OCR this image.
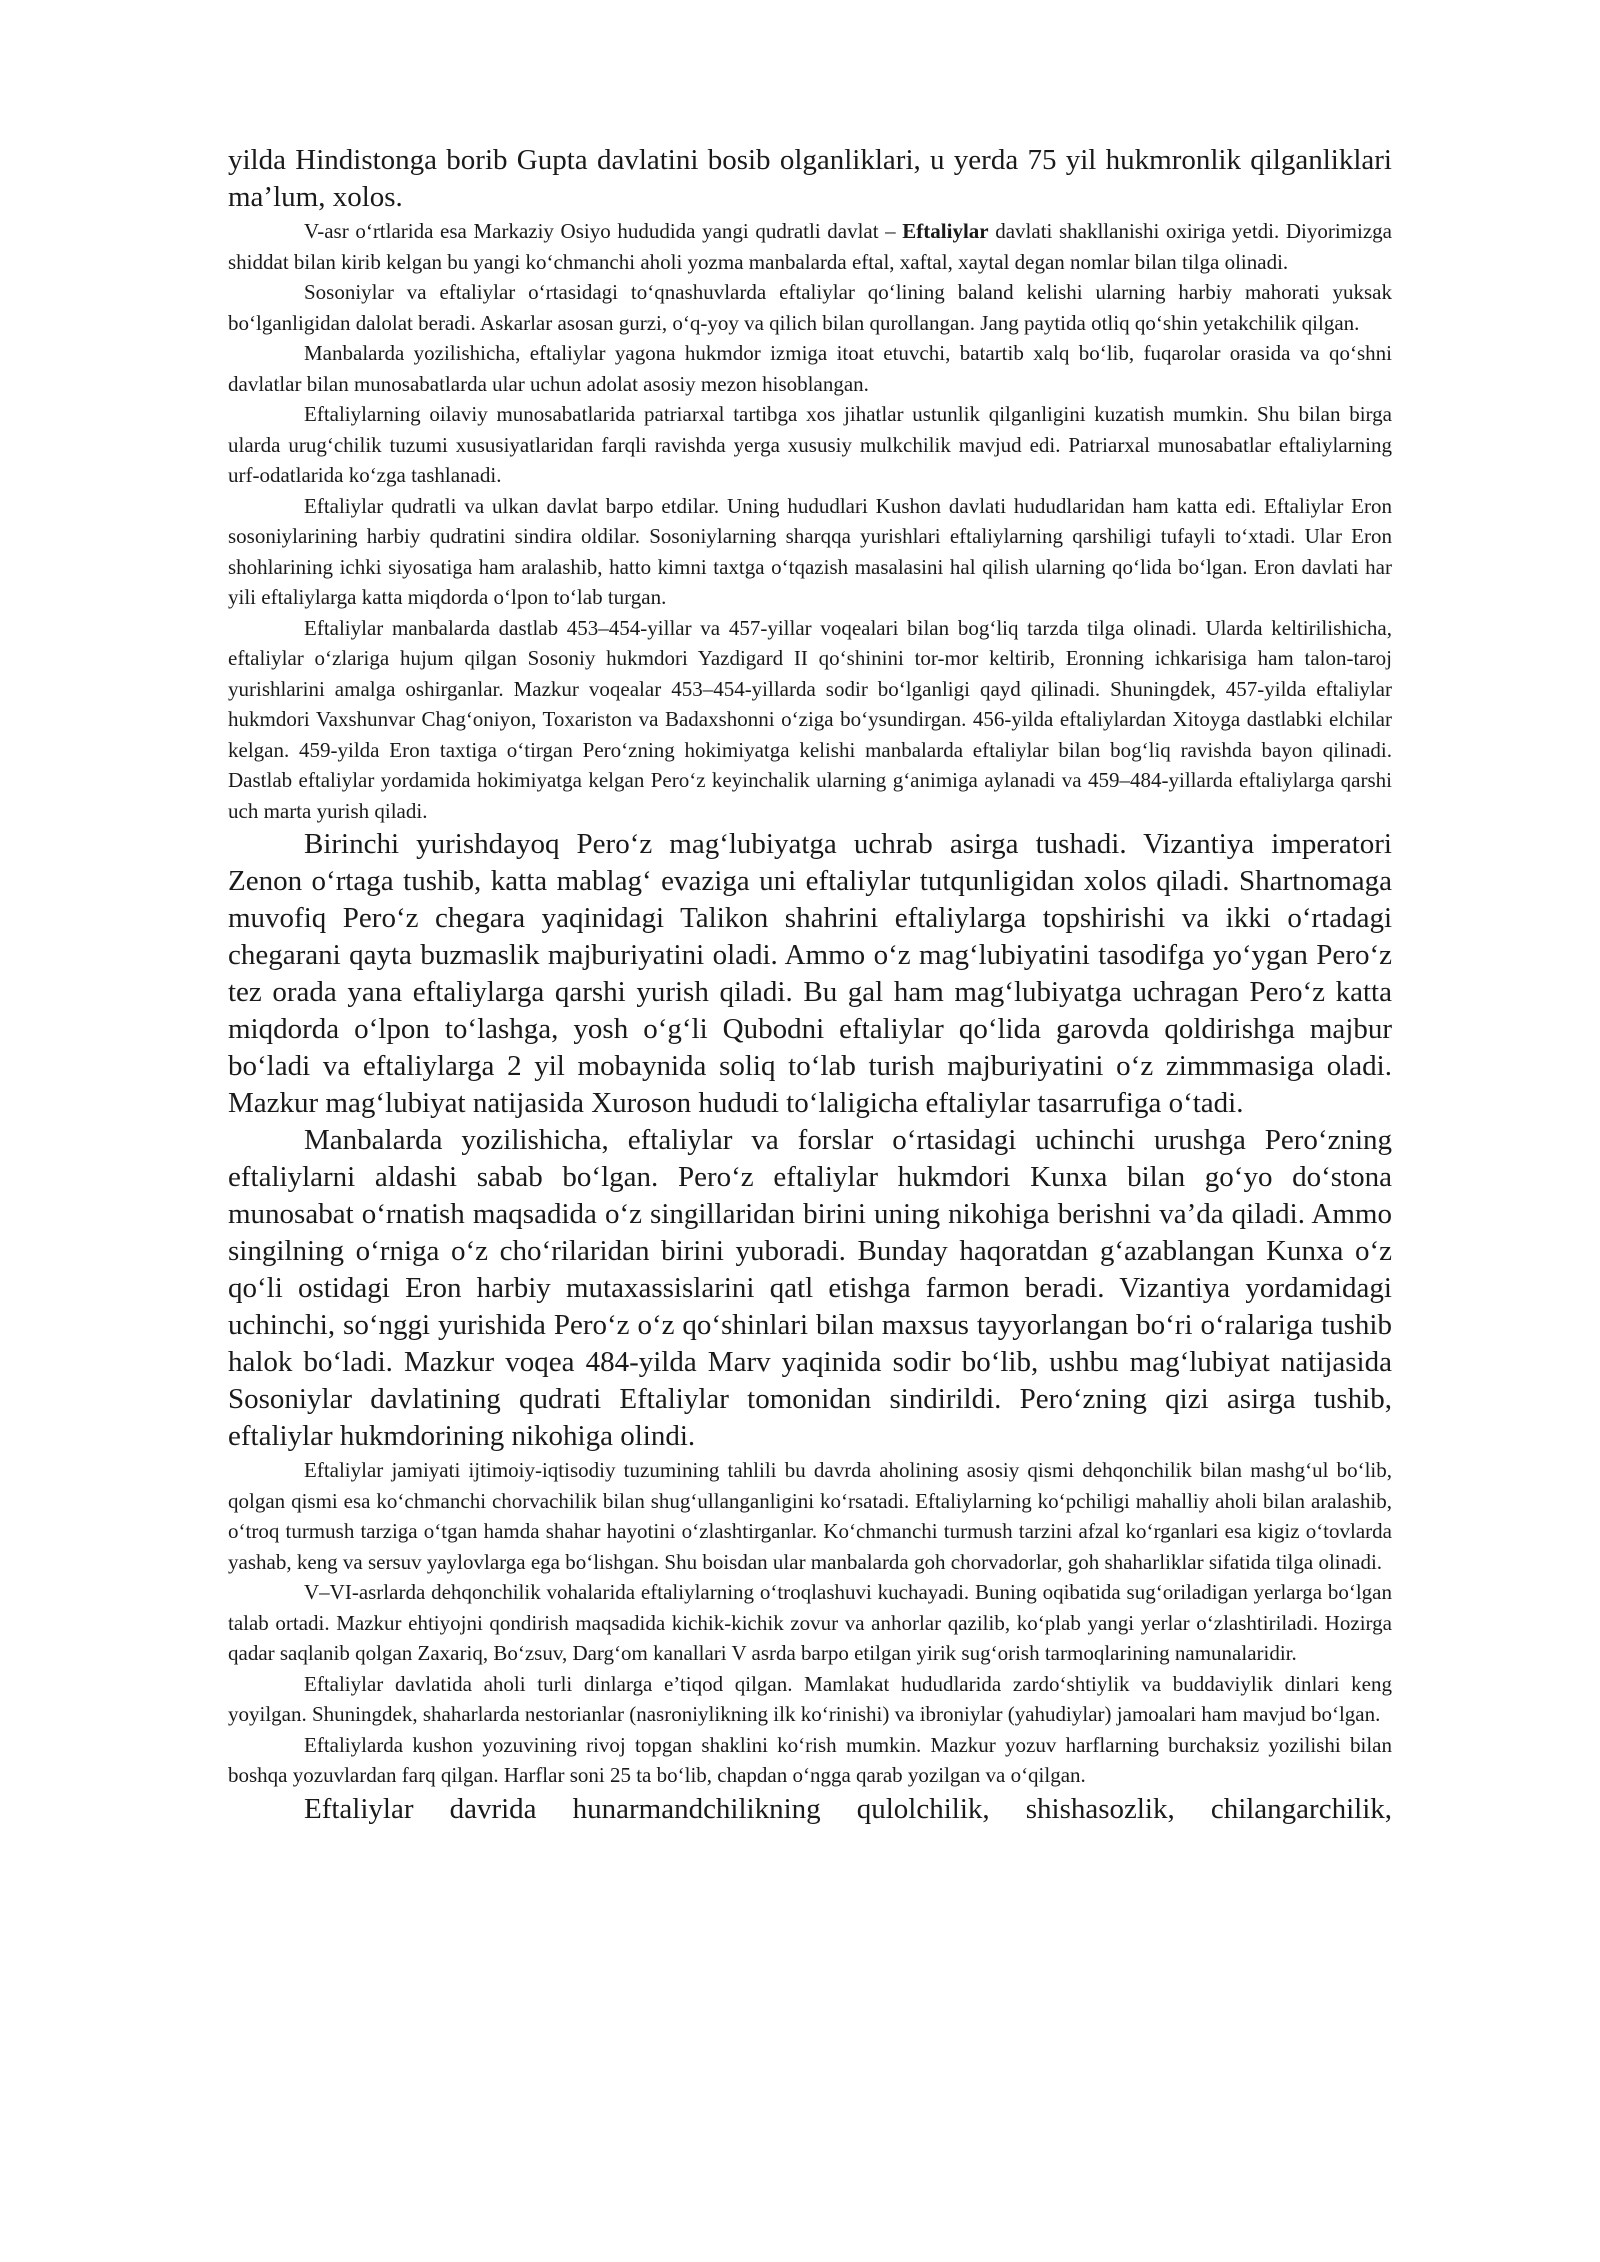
yilda Hindistonga borib Gupta davlatini bosib olganliklari, u yerda 75 yil hukmronlik qilganliklari ma’lum, xolos.

V-asr oʻrtlarida esa Markaziy Osiyo hududida yangi qudratli davlat – Eftaliylar davlati shakllanishi oxiriga yetdi. Diyorimizga shiddat bilan kirib kelgan bu yangi koʻchmanchi aholi yozma manbalarda eftal, xaftal, xaytal degan nomlar bilan tilga olinadi.

Sosoniylar va eftaliylar oʻrtasidagi toʻqnashuvlarda eftaliylar qoʻlining baland kelishi ularning harbiy mahorati yuksak boʻlganligidan dalolat beradi. Askarlar asosan gurzi, oʻq-yoy va qilich bilan qurollangan. Jang paytida otliq qoʻshin yetakchilik qilgan.

Manbalarda yozilishicha, eftaliylar yagona hukmdor izmiga itoat etuvchi, batartib xalq boʻlib, fuqarolar orasida va qoʻshni davlatlar bilan munosabatlarda ular uchun adolat asosiy mezon hisoblangan.

Eftaliylarning oilaviy munosabatlarida patriarxal tartibga xos jihatlar ustunlik qilganligini kuzatish mumkin. Shu bilan birga ularda urugʻchilik tuzumi xususiyatlaridan farqli ravishda yerga xususiy mulkchilik mavjud edi. Patriarxal munosabatlar eftaliylarning urf-odatlarida koʻzga tashlanadi.

Eftaliylar qudratli va ulkan davlat barpo etdilar. Uning hududlari Kushon davlati hududlaridan ham katta edi. Eftaliylar Eron sosoniylarining harbiy qudratini sindira oldilar. Sosoniylarning sharqqa yurishlari eftaliylarning qarshiligi tufayli toʻxtadi. Ular Eron shohlarining ichki siyosatiga ham aralashib, hatto kimni taxtga oʻtqazish masalasini hal qilish ularning qoʻlida boʻlgan. Eron davlati har yili eftaliylarga katta miqdorda oʻlpon toʻlab turgan.

Eftaliylar manbalarda dastlab 453–454-yillar va 457-yillar voqealari bilan bogʻliq tarzda tilga olinadi. Ularda keltirilishicha, eftaliylar oʻzlariga hujum qilgan Sosoniy hukmdori Yazdigard II qoʻshinini tor-mor keltirib, Eronning ichkarisiga ham talon-taroj yurishlarini amalga oshirganlar. Mazkur voqealar 453–454-yillarda sodir boʻlganligi qayd qilinadi. Shuningdek, 457-yilda eftaliylar hukmdori Vaxshunvar Chagʻoniyon, Toxariston va Badaxshonni oʻziga boʻysundirgan. 456-yilda eftaliylardan Xitoyga dastlabki elchilar kelgan. 459-yilda Eron taxtiga oʻtirgan Peroʻzning hokimiyatga kelishi manbalarda eftaliylar bilan bogʻliq ravishda bayon qilinadi. Dastlab eftaliylar yordamida hokimiyatga kelgan Peroʻz keyinchalik ularning gʻanimiga aylanadi va 459–484-yillarda eftaliylarga qarshi uch marta yurish qiladi.

Birinchi yurishdayoq Peroʻz magʻlubiyatga uchrab asirga tushadi. Vizantiya imperatori Zenon oʻrtaga tushib, katta mablagʻ evaziga uni eftaliylar tutqunligidan xolos qiladi. Shartnomaga muvofiq Peroʻz chegara yaqinidagi Talikon shahrini eftaliylarga topshirishi va ikki oʻrtadagi chegarani qayta buzmaslik majburiyatini oladi. Ammo oʻz magʻlubiyatini tasodifga yoʻygan Peroʻz tez orada yana eftaliylarga qarshi yurish qiladi. Bu gal ham magʻlubiyatga uchragan Peroʻz katta miqdorda oʻlpon toʻlashga, yosh oʻgʻli Qubodni eftaliylar qoʻlida garovda qoldirishga majbur boʻladi va eftaliylarga 2 yil mobaynida soliq toʻlab turish majburiyatini oʻz zimmmasiga oladi. Mazkur magʻlubiyat natijasida Xuroson hududi toʻlaligicha eftaliylar tasarrufiga oʻtadi.

Manbalarda yozilishicha, eftaliylar va forslar oʻrtasidagi uchinchi urushga Peroʻzning eftaliylarni aldashi sabab boʻlgan. Peroʻz eftaliylar hukmdori Kunxa bilan goʻyo doʻstona munosabat oʻrnatish maqsadida oʻz singillaridan birini uning nikohiga berishni va’da qiladi. Ammo singilning oʻrniga oʻz choʻrilaridan birini yuboradi. Bunday haqoratdan gʻazablangan Kunxa oʻz qoʻli ostidagi Eron harbiy mutaxassislarini qatl etishga farmon beradi. Vizantiya yordamidagi uchinchi, soʻnggi yurishida Peroʻz oʻz qoʻshinlari bilan maxsus tayyorlangan boʻri oʻralariga tushib halok boʻladi. Mazkur voqea 484-yilda Marv yaqinida sodir boʻlib, ushbu magʻlubiyat natijasida Sosoniylar davlatining qudrati Eftaliylar tomonidan sindirildi. Peroʻzning qizi asirga tushib, eftaliylar hukmdorining nikohiga olindi.

Eftaliylar jamiyati ijtimoiy-iqtisodiy tuzumining tahlili bu davrda aholining asosiy qismi dehqonchilik bilan mashgʻul boʻlib, qolgan qismi esa koʻchmanchi chorvachilik bilan shugʻullanganligini koʻrsatadi. Eftaliylarning koʻpchiligi mahalliy aholi bilan aralashib, oʻtroq turmush tarziga oʻtgan hamda shahar hayotini oʻzlashtirganlar. Koʻchmanchi turmush tarzini afzal koʻrganlari esa kigiz oʻtovlarda yashab, keng va sersuv yaylovlarga ega boʻlishgan. Shu boisdan ular manbalarda goh chorvadorlar, goh shaharliklar sifatida tilga olinadi.

V–VI-asrlarda dehqonchilik vohalarida eftaliylarning oʻtroqlashuvi kuchayadi. Buning oqibatida sugʻoriladigan yerlarga boʻlgan talab ortadi. Mazkur ehtiyojni qondirish maqsadida kichik-kichik zovur va anhorlar qazilib, koʻplab yangi yerlar oʻzlashtiriladi. Hozirga qadar saqlanib qolgan Zaxariq, Boʻzsuv, Dargʻom kanallari V asrda barpo etilgan yirik sugʻorish tarmoqlarining namunalaridir.

Eftaliylar davlatida aholi turli dinlarga e’tiqod qilgan. Mamlakat hududlarida zardoʻshtiylik va buddaviylik dinlari keng yoyilgan. Shuningdek, shaharlarda nestorianlar (nasroniylikning ilk koʻrinishi) va ibroniylar (yahudiylar) jamoalari ham mavjud boʻlgan.

Eftaliylarda kushon yozuvining rivoj topgan shaklini koʻrish mumkin. Mazkur yozuv harflarning burchaksiz yozilishi bilan boshqa yozuvlardan farq qilgan. Harflar soni 25 ta boʻlib, chapdan oʻngga qarab yozilgan va oʻqilgan.

Eftaliylar davrida hunarmandchilikning qulolchilik, shishasozlik, chilangarchilik,
